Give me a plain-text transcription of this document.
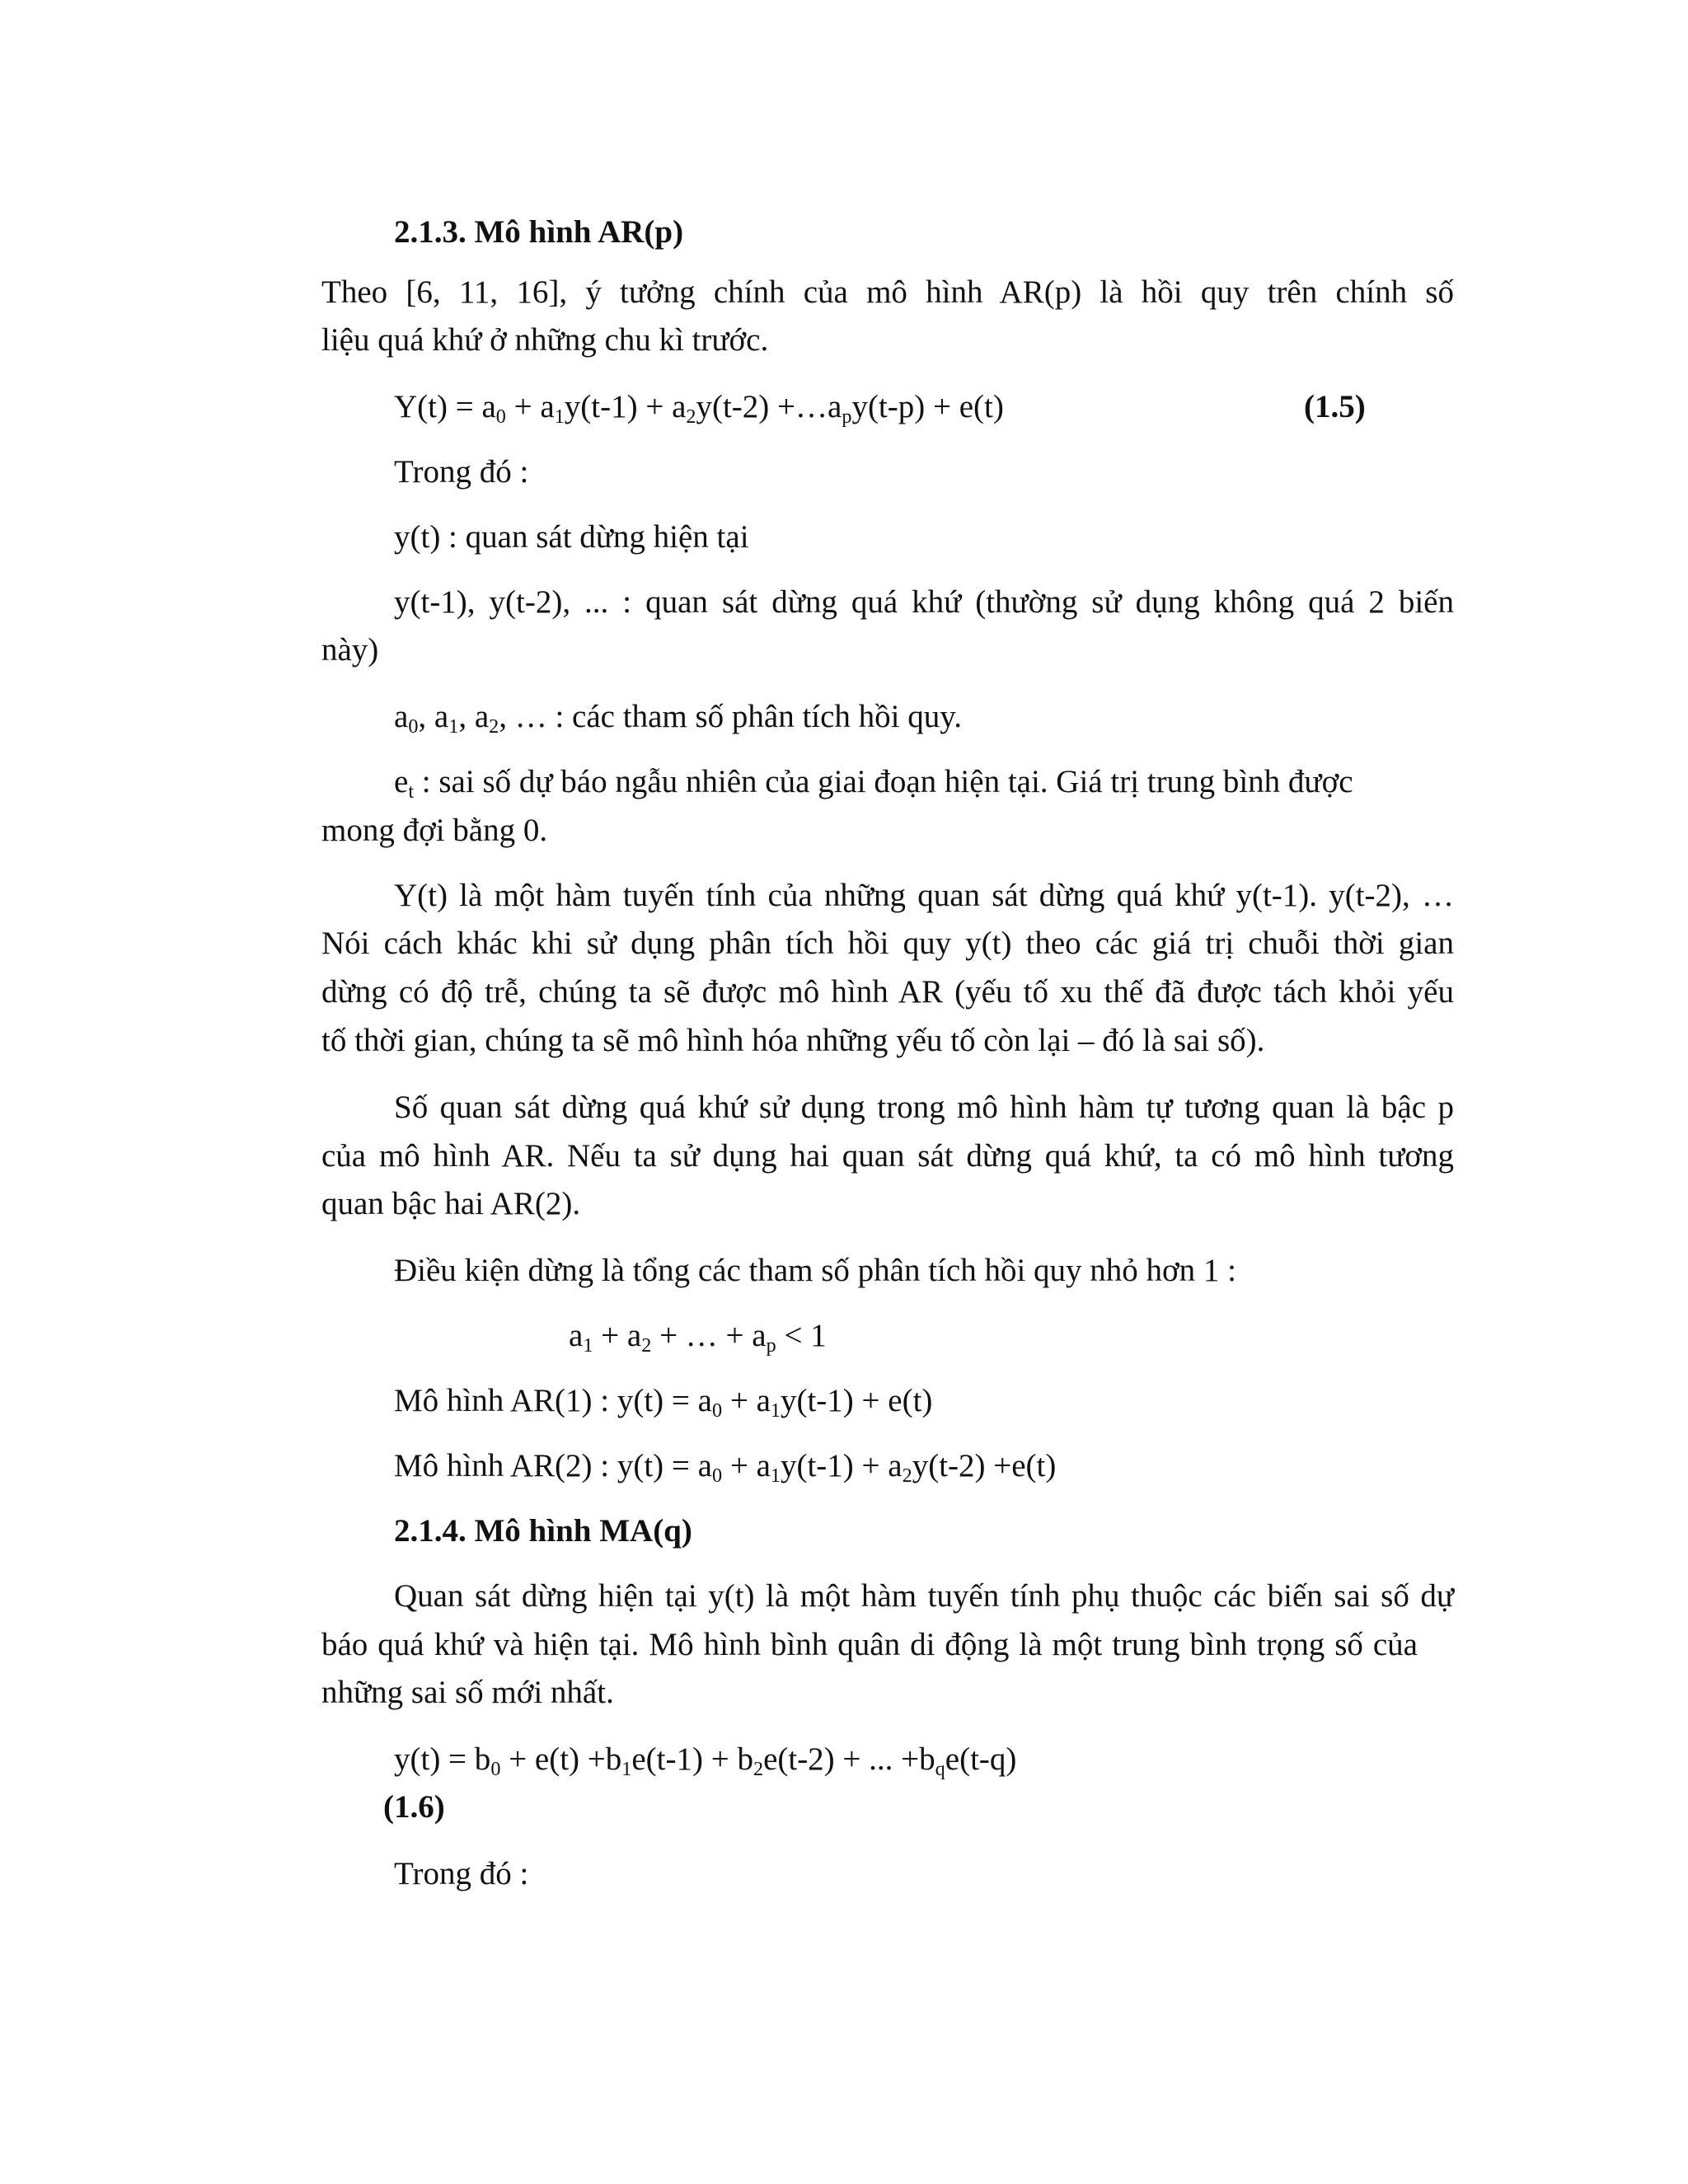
2.1.3. Mô hình AR(p)
Theo [6, 11, 16], ý tưởng chính của mô hình AR(p) là hồi quy trên chính số
liệu quá khứ ở những chu kì trước.
$Y(t) = a_0 + a_1y(t-1) + a_2y(t-2)$ $+\dots a_py(t-p) + e(t)$	(1.5)
Trong đó :
y(t) : quan sát dừng hiện tại
y(t-1), y(t-2), ... : quan sát dừng quá khứ (thường sử dụng không quá 2 biến
này)
$a_0$, $a_1$, $a_2$, … : các tham số phân tích hồi quy.
$e_t$ : sai số dự báo ngẫu nhiên của giai đoạn hiện tại. Giá trị trung bình được
mong đợi bằng 0.
Y(t) là một hàm tuyến tính của những quan sát dừng quá khứ y(t-1). y(t-2), …
Nói cách khác khi sử dụng phân tích hồi quy y(t) theo các giá trị chuỗi thời gian
dừng có độ trễ, chúng ta sẽ được mô hình AR (yếu tố xu thế đã được tách khỏi yếu
tố thời gian, chúng ta sẽ mô hình hóa những yếu tố còn lại – đó là sai số).
Số quan sát dừng quá khứ sử dụng trong mô hình hàm tự tương quan là bậc p
của mô hình AR. Nếu ta sử dụng hai quan sát dừng quá khứ, ta có mô hình tương
quan bậc hai AR(2).
Điều kiện dừng là tổng các tham số phân tích hồi quy nhỏ hơn 1 :
$a_1 + a_2$ + … + $a_p < 1$
Mô hình AR(1) : $y(t) = a_0 + a_1y(t-1) + e(t)$
Mô hình AR(2) : $y(t) = a_0 + a_1y(t-1) + a_2y(t-2) +e(t)$
2.1.4. Mô hình MA(q)
Quan sát dừng hiện tại y(t) là một hàm tuyến tính phụ thuộc các biến sai số dự
báo quá khứ và hiện tại. Mô hình bình quân di động là một trung bình trọng số của
những sai số mới nhất.
$y(t) = b_0 + e(t) +b_1e(t-1) + b_2e(t-2)$ + ... $+b_qe(t-q)$
(1.6)
Trong đó :
